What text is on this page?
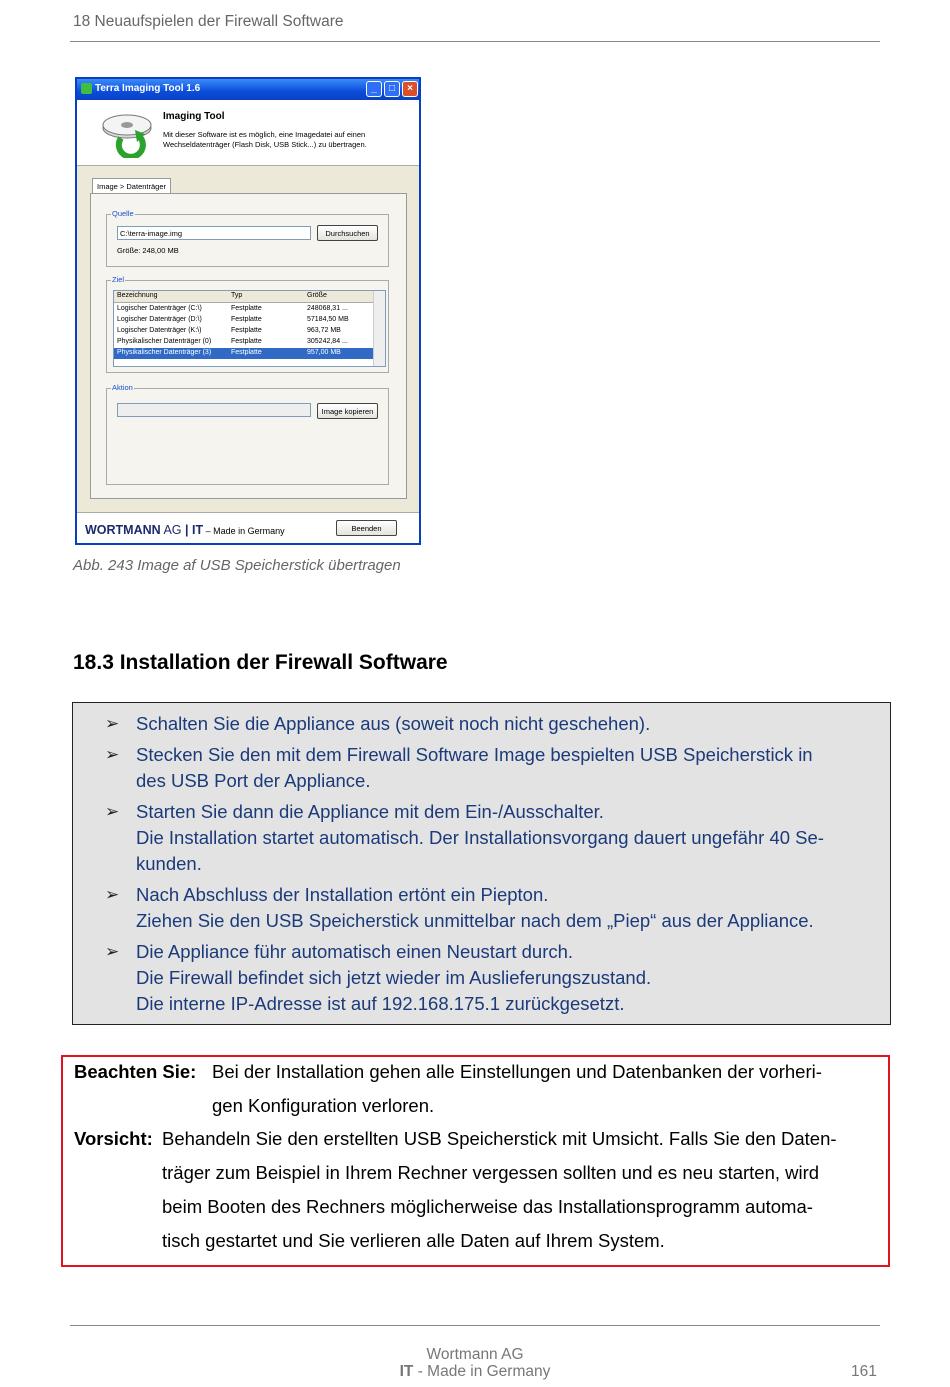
18 Neuaufspielen der Firewall Software
Terra Imaging Tool 1.6	_	□	×
Imaging Tool
Mit dieser Software ist es möglich, eine Imagedatei auf einen Wechseldatenträger (Flash Disk, USB Stick...) zu übertragen.
Image > Datenträger
Quelle
C:\terra-image.img	Durchsuchen
Größe: 248,00 MB
Ziel
Bezeichnung	Typ	Größe
Logischer Datenträger (C:\)	Festplatte	248068,31 ...
Logischer Datenträger (D:\)	Festplatte	57184,50 MB
Logischer Datenträger (K:\)	Festplatte	963,72 MB
Physikalischer Datenträger (0)	Festplatte	305242,84 ...
Physikalischer Datenträger (3)	Festplatte	957,00 MB
Aktion
Image kopieren
WORTMANN AG | IT – Made in Germany	Beenden
Abb. 243 Image af USB Speicherstick übertragen
18.3 Installation der Firewall Software
➢ Schalten Sie die Appliance aus (soweit noch nicht geschehen).
➢ Stecken Sie den mit dem Firewall Software Image bespielten USB Speicherstick in
des USB Port der Appliance.
➢ Starten Sie dann die Appliance mit dem Ein-/Ausschalter.
Die Installation startet automatisch. Der Installationsvorgang dauert ungefähr 40 Se-
kunden.
➢ Nach Abschluss der Installation ertönt ein Piepton.
Ziehen Sie den USB Speicherstick unmittelbar nach dem „Piep“ aus der Appliance.
➢ Die Appliance führ automatisch einen Neustart durch.
Die Firewall befindet sich jetzt wieder im Auslieferungszustand.
Die interne IP-Adresse ist auf 192.168.175.1 zurückgesetzt.
Beachten Sie: Bei der Installation gehen alle Einstellungen und Datenbanken der vorheri-
gen Konfiguration verloren.
Vorsicht: Behandeln Sie den erstellten USB Speicherstick mit Umsicht. Falls Sie den Daten-
träger zum Beispiel in Ihrem Rechner vergessen sollten und es neu starten, wird
beim Booten des Rechners möglicherweise das Installationsprogramm automa-
tisch gestartet und Sie verlieren alle Daten auf Ihrem System.
Wortmann AG
IT - Made in Germany	161
